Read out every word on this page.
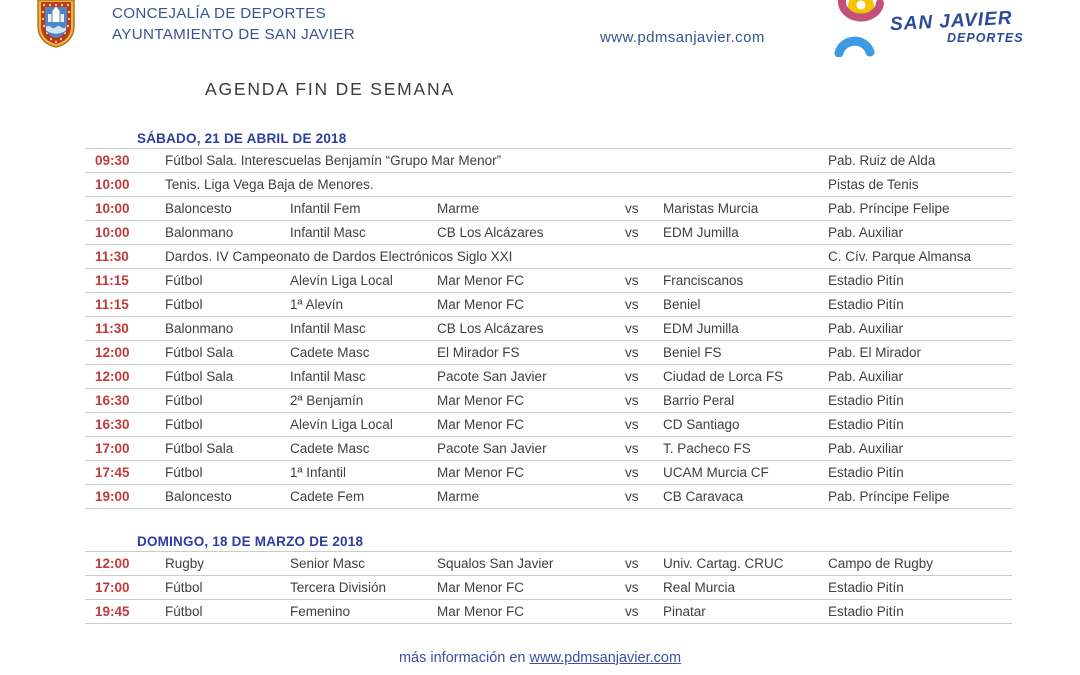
CONCEJALÍA DE DEPORTES
AYUNTAMIENTO DE SAN JAVIER	www.pdmsanjavier.com
SAN JAVIER
DEPORTES
AGENDA FIN DE SEMANA
SÁBADO, 21 DE ABRIL DE 2018
09:30	Fútbol Sala. Interescuelas Benjamín “Grupo Mar Menor”	Pab. Ruiz de Alda
10:00	Tenis. Liga Vega Baja de Menores.	Pistas de Tenis
10:00	Baloncesto	Infantil Fem	Marme	vs	Maristas Murcia	Pab. Príncipe Felipe
10:00	Balonmano	Infantil Masc	CB Los Alcázares	vs	EDM Jumilla	Pab. Auxiliar
11:30	Dardos. IV Campeonato de Dardos Electrónicos Siglo XXI	C. Cív. Parque Almansa
11:15	Fútbol	Alevín Liga Local	Mar Menor FC	vs	Franciscanos	Estadio Pitín
11:15	Fútbol	1ª Alevín	Mar Menor FC	vs	Beniel	Estadio Pitín
11:30	Balonmano	Infantil Masc	CB Los Alcázares	vs	EDM Jumilla	Pab. Auxiliar
12:00	Fútbol Sala	Cadete Masc	El Mirador FS	vs	Beniel FS	Pab. El Mirador
12:00	Fútbol Sala	Infantil Masc	Pacote San Javier	vs	Ciudad de Lorca FS	Pab. Auxiliar
16:30	Fútbol	2ª Benjamín	Mar Menor FC	vs	Barrio Peral	Estadio Pitín
16:30	Fútbol	Alevín Liga Local	Mar Menor FC	vs	CD Santiago	Estadio Pitín
17:00	Fútbol Sala	Cadete Masc	Pacote San Javier	vs	T. Pacheco FS	Pab. Auxiliar
17:45	Fútbol	1ª Infantil	Mar Menor FC	vs	UCAM Murcia CF	Estadio Pitín
19:00	Baloncesto	Cadete Fem	Marme	vs	CB Caravaca	Pab. Príncipe Felipe
DOMINGO, 18 DE MARZO DE 2018
12:00	Rugby	Senior Masc	Squalos San Javier	vs	Univ. Cartag. CRUC	Campo de Rugby
17:00	Fútbol	Tercera División	Mar Menor FC	vs	Real Murcia	Estadio Pitín
19:45	Fútbol	Femenino	Mar Menor FC	vs	Pinatar	Estadio Pitín
más información en www.pdmsanjavier.com
